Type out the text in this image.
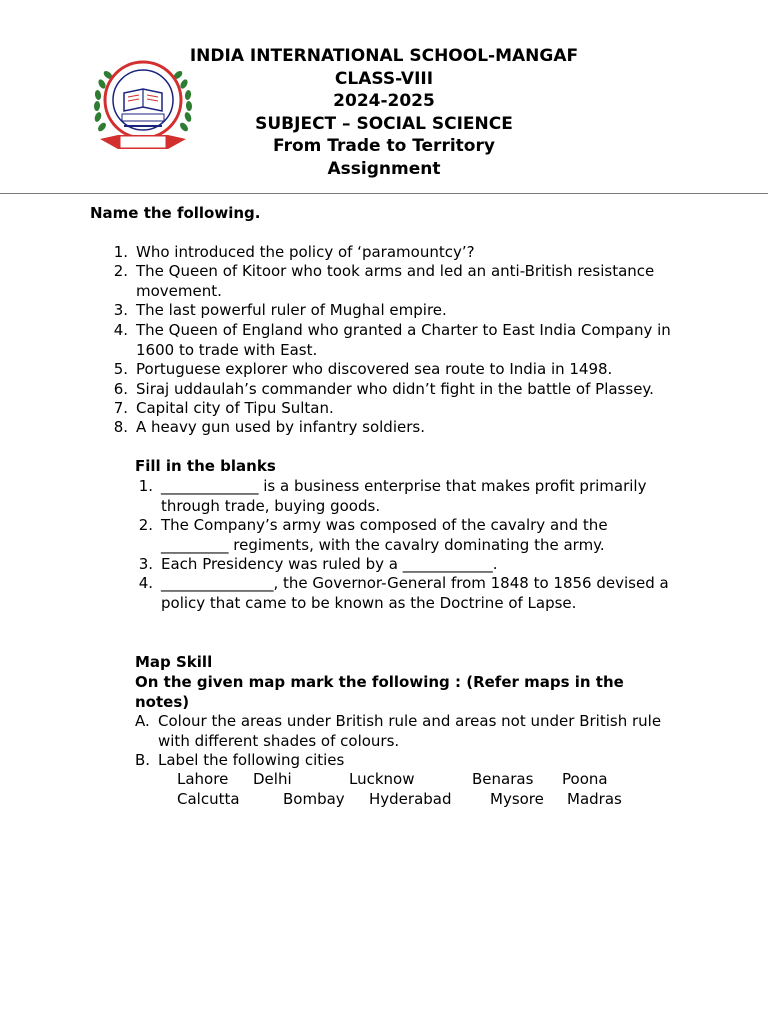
INDIA INTERNATIONAL SCHOOL-MANGAF
CLASS-VIII
2024-2025
SUBJECT – SOCIAL SCIENCE
From Trade to Territory
Assignment
Name the following.
1. Who introduced the policy of ‘paramountcy’?
2. The Queen of Kitoor who took arms and led an anti-British resistance movement.
3. The last powerful ruler of Mughal empire.
4. The Queen of England who granted a Charter to East India Company in 1600 to trade with East.
5. Portuguese explorer who discovered sea route to India in 1498.
6. Siraj uddaulah’s commander who didn’t fight in the battle of Plassey.
7. Capital city of Tipu Sultan.
8. A heavy gun used by infantry soldiers.
Fill in the blanks
1. _____________ is a business enterprise that makes profit primarily through trade, buying goods.
2. The Company’s army was composed of the cavalry and the _________ regiments, with the cavalry dominating the army.
3. Each Presidency was ruled by a ____________.
4. _______________, the Governor-General from 1848 to 1856 devised a policy that came to be known as the Doctrine of Lapse.
Map Skill
On the given map mark the following : (Refer maps in the notes)
A. Colour the areas under British rule and areas not under British rule with different shades of colours.
B. Label the following cities
Lahore Delhi	Lucknow	Benaras Poona
Calcutta	Bombay Hyderabad	Mysore Madras
